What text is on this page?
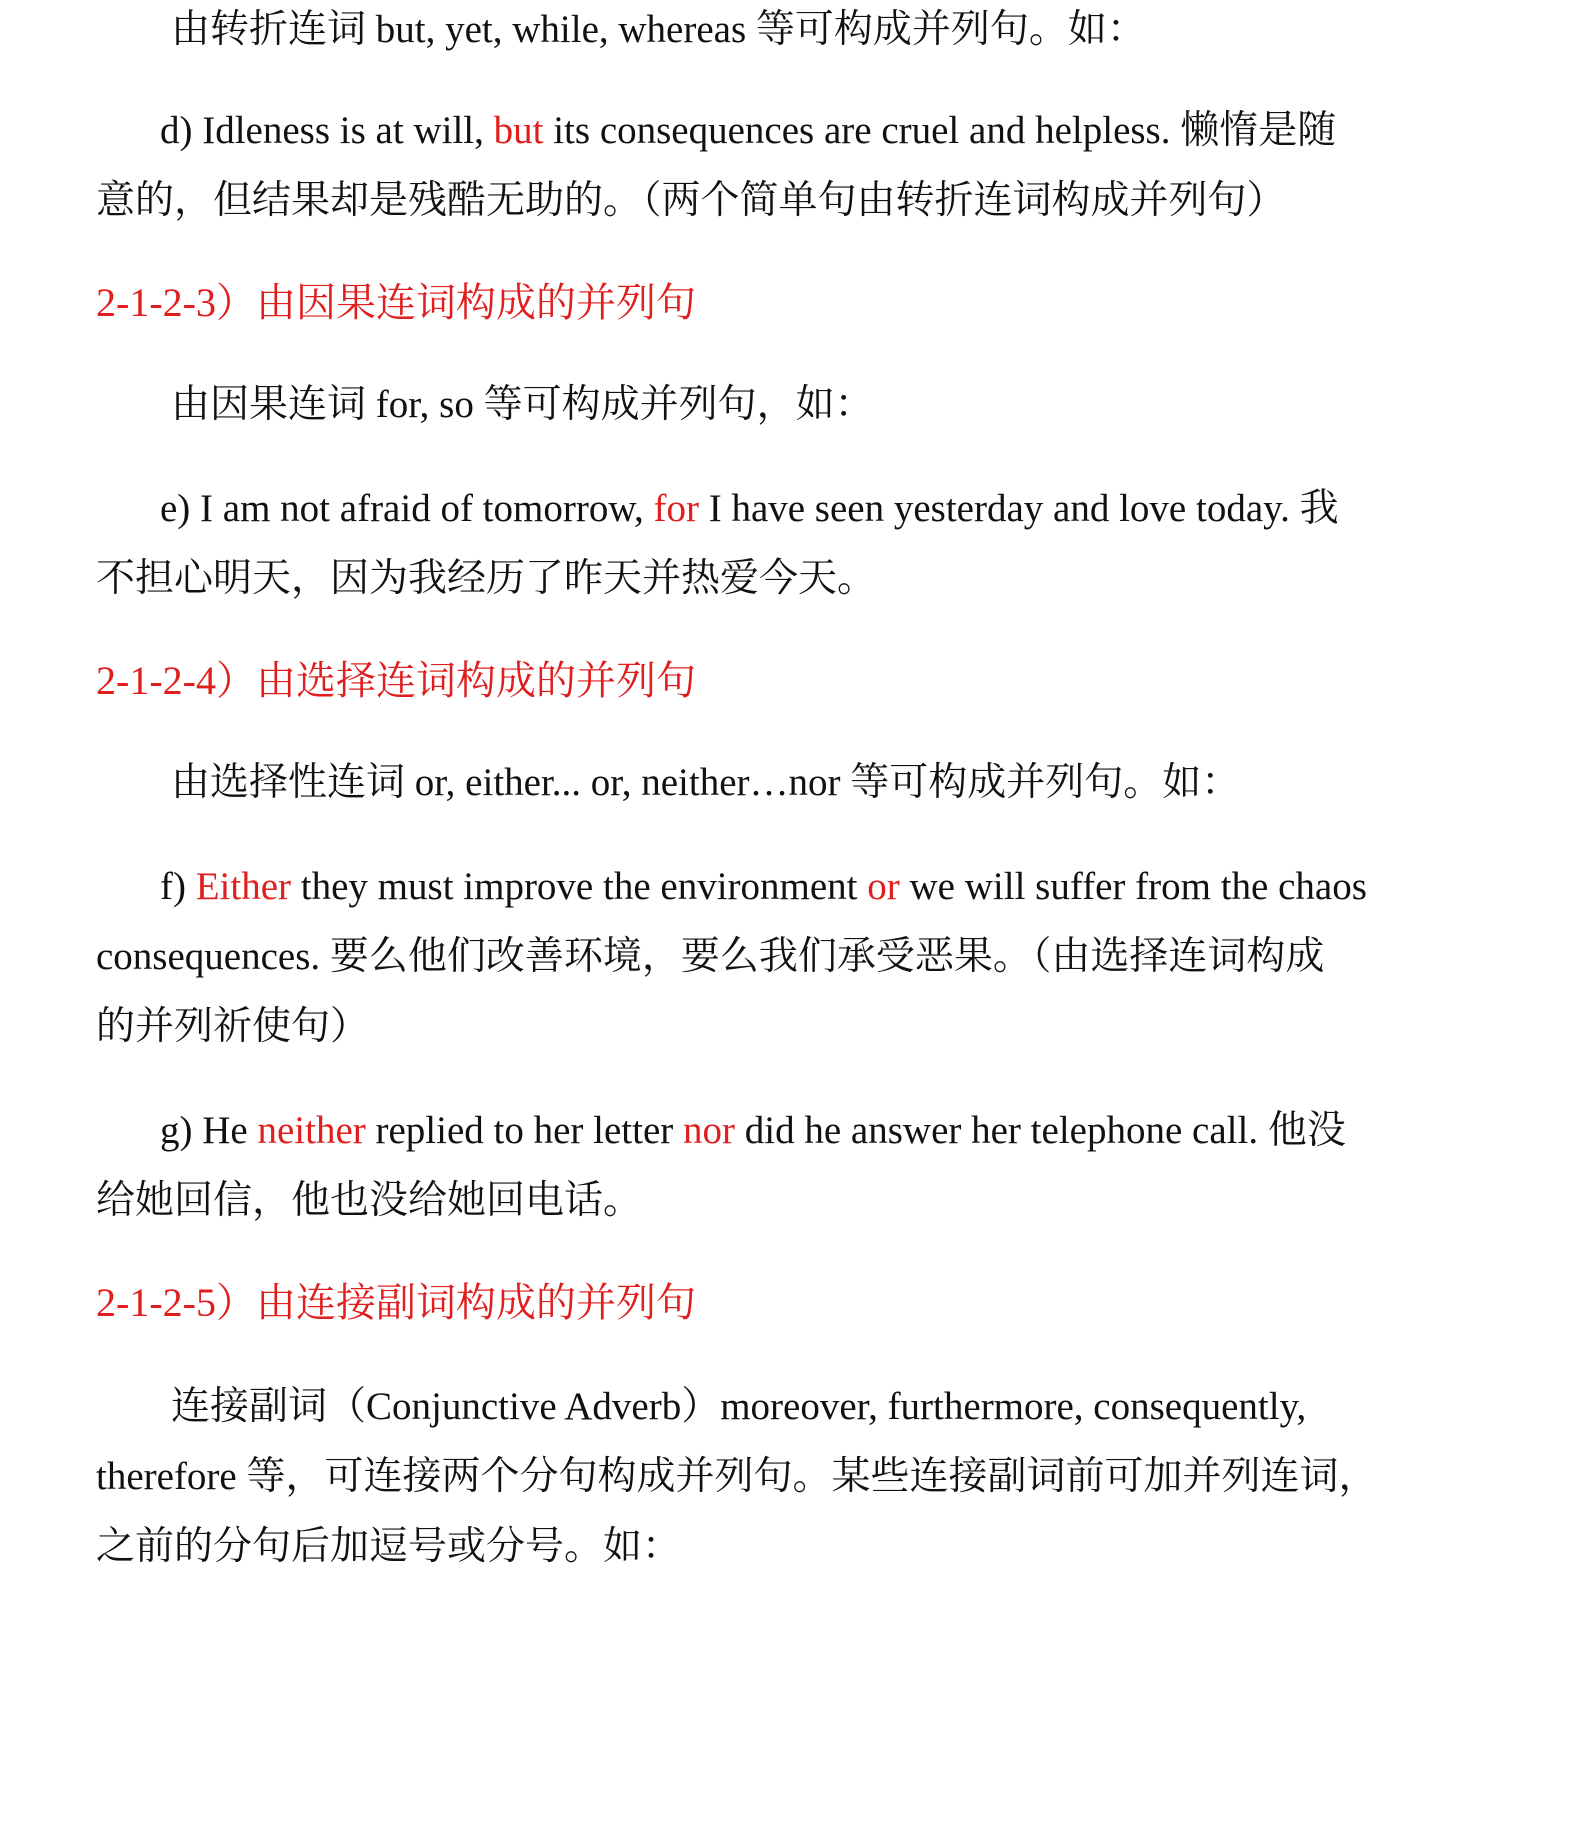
由转折连词 but, yet, while, whereas 等可构成并列句。如：
d) Idleness is at will, but its consequences are cruel and helpless. 懒惰是随
意的，但结果却是残酷无助的。（两个简单句由转折连词构成并列句）
2-1-2-3）由因果连词构成的并列句
由因果连词 for, so 等可构成并列句，如：
e) I am not afraid of tomorrow, for I have seen yesterday and love today. 我
不担心明天，因为我经历了昨天并热爱今天。
2-1-2-4）由选择连词构成的并列句
由选择性连词 or, either... or, neither…nor 等可构成并列句。如：
f) Either they must improve the environment or we will suffer from the chaos
consequences. 要么他们改善环境，要么我们承受恶果。（由选择连词构成
的并列祈使句）
g) He neither replied to her letter nor did he answer her telephone call. 他没
给她回信，他也没给她回电话。
2-1-2-5）由连接副词构成的并列句
连接副词（Conjunctive Adverb）moreover, furthermore, consequently,
therefore 等，可连接两个分句构成并列句。某些连接副词前可加并列连词，
之前的分句后加逗号或分号。如：
